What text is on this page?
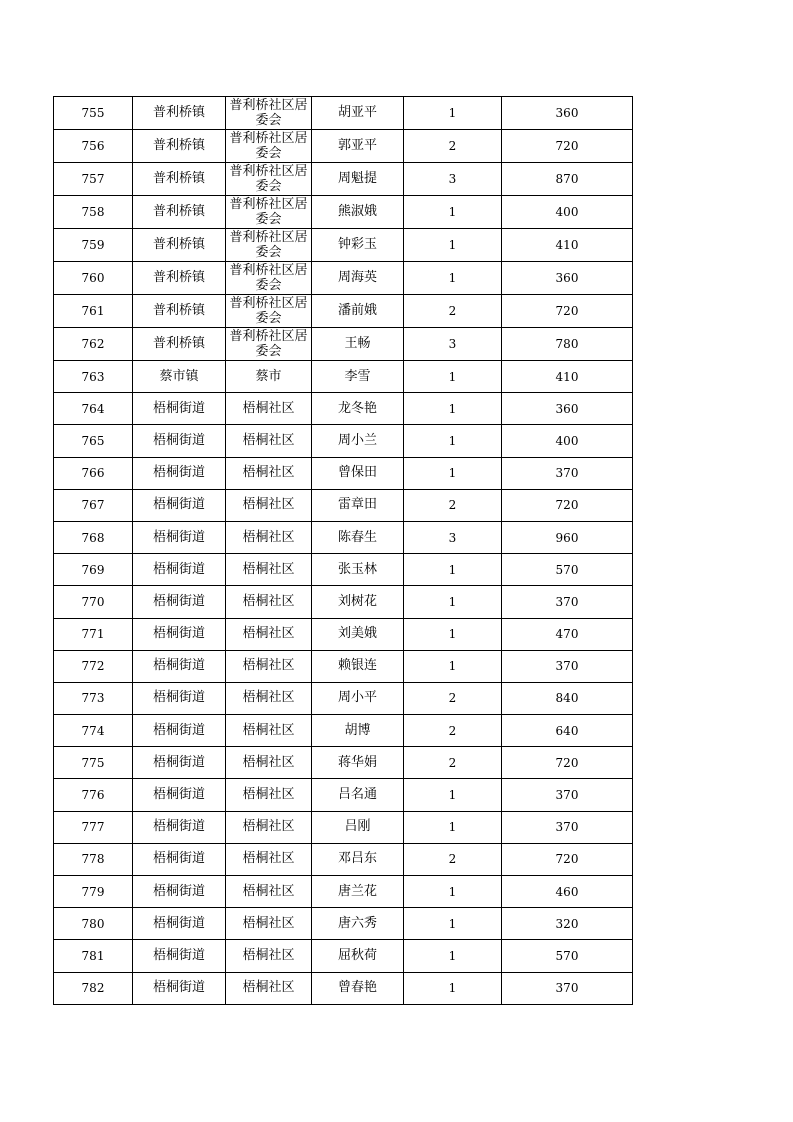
755	普利桥镇	普利桥社区居委会	胡亚平	1	360
756	普利桥镇	普利桥社区居委会	郭亚平	2	720
757	普利桥镇	普利桥社区居委会	周魁提	3	870
758	普利桥镇	普利桥社区居委会	熊淑娥	1	400
759	普利桥镇	普利桥社区居委会	钟彩玉	1	410
760	普利桥镇	普利桥社区居委会	周海英	1	360
761	普利桥镇	普利桥社区居委会	潘前娥	2	720
762	普利桥镇	普利桥社区居委会	王畅	3	780
763	蔡市镇	蔡市	李雪	1	410
764	梧桐街道	梧桐社区	龙冬艳	1	360
765	梧桐街道	梧桐社区	周小兰	1	400
766	梧桐街道	梧桐社区	曾保田	1	370
767	梧桐街道	梧桐社区	雷章田	2	720
768	梧桐街道	梧桐社区	陈春生	3	960
769	梧桐街道	梧桐社区	张玉林	1	570
770	梧桐街道	梧桐社区	刘树花	1	370
771	梧桐街道	梧桐社区	刘美娥	1	470
772	梧桐街道	梧桐社区	赖银连	1	370
773	梧桐街道	梧桐社区	周小平	2	840
774	梧桐街道	梧桐社区	胡博	2	640
775	梧桐街道	梧桐社区	蒋华娟	2	720
776	梧桐街道	梧桐社区	吕名通	1	370
777	梧桐街道	梧桐社区	吕刚	1	370
778	梧桐街道	梧桐社区	邓吕东	2	720
779	梧桐街道	梧桐社区	唐兰花	1	460
780	梧桐街道	梧桐社区	唐六秀	1	320
781	梧桐街道	梧桐社区	屈秋荷	1	570
782	梧桐街道	梧桐社区	曾春艳	1	370
